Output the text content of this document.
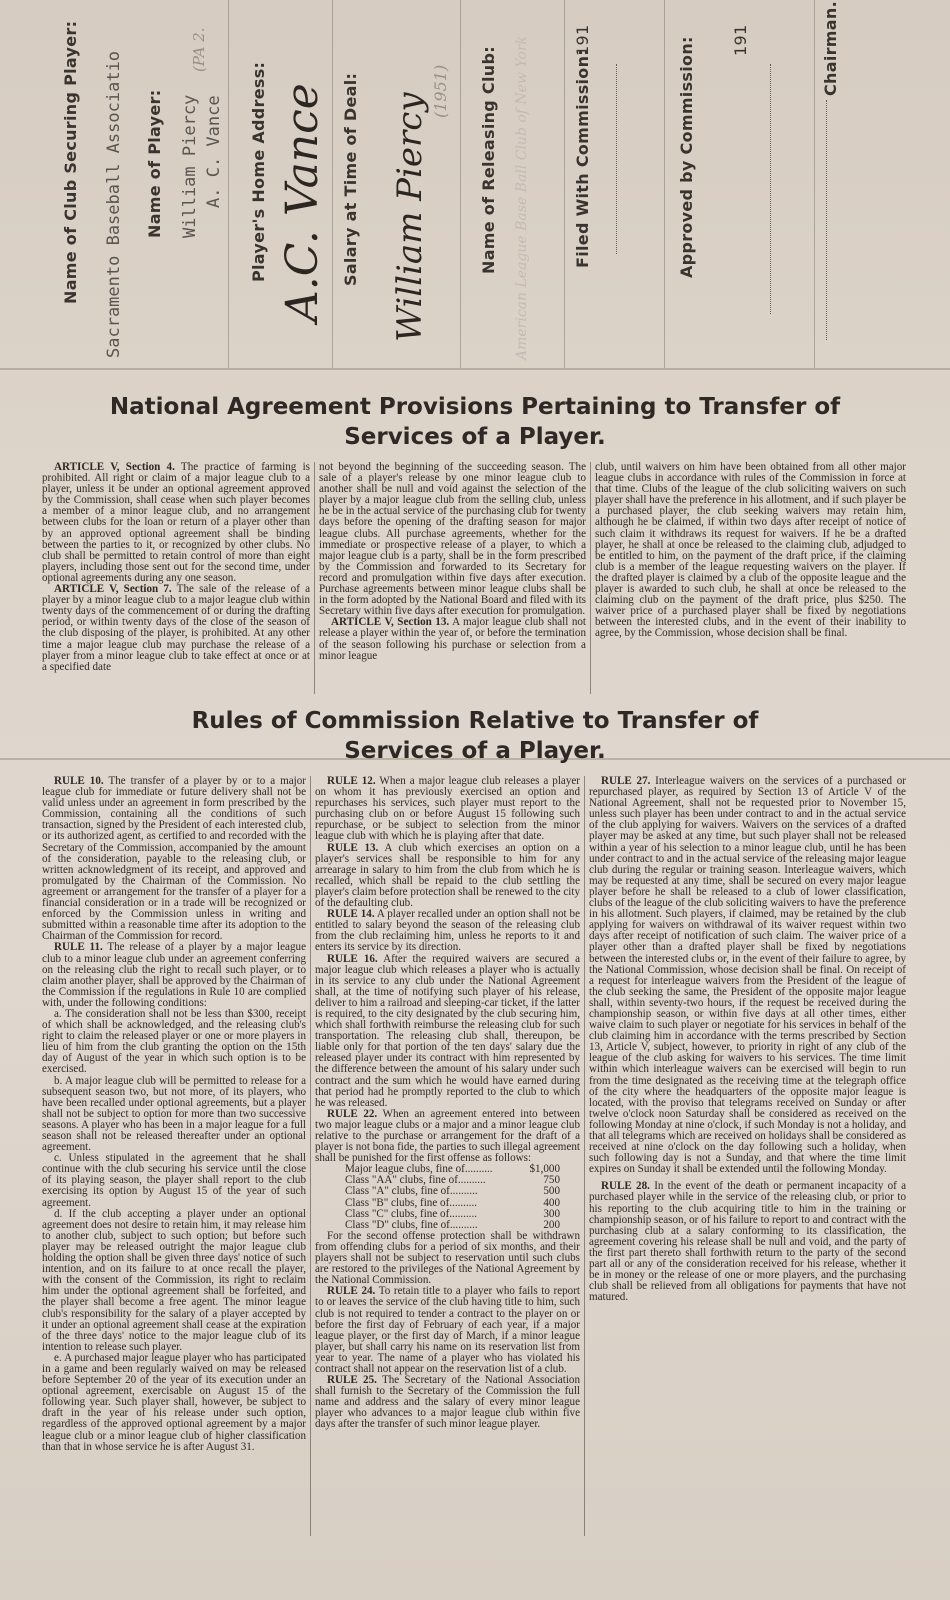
Name of Club Securing Player: Sacramento Baseball Associatio Name of Player: William Piercy A. C. Vance
(PA 2.
Player's Home Address: A.C. Vance Salary at Time of Deal: William Piercy
(1951) Name of Releasing Club: American League Base Ball Club of New York	Filed With Commission:
191	Approved by Commission: 191	Chairman.
National Agreement Provisions Pertaining to Transfer of
Services of a Player.

ARTICLE V, Section 4. The practice of farming is prohibited. All right or claim of a major league club to a player, unless it be under an optional agreement approved by the Commission, shall cease when such player becomes a member of a minor league club, and no arrangement between clubs for the loan or return of a player other than by an approved optional agreement shall be binding between the parties to it, or recognized by other clubs. No club shall be permitted to retain control of more than eight players, including those sent out for the second time, under optional agreements during any one season.

ARTICLE V, Section 7. The sale of the release of a player by a minor league club to a major league club within twenty days of the commencement of or during the drafting period, or within twenty days of the close of the season of the club disposing of the player, is prohibited. At any other time a major league club may purchase the release of a player from a minor league club to take effect at once or at a specified date

not beyond the beginning of the succeeding season. The sale of a player's release by one minor league club to another shall be null and void against the selection of the player by a major league club from the selling club, unless he be in the actual service of the purchasing club for twenty days before the opening of the drafting season for major league clubs. All purchase agreements, whether for the immediate or prospective release of a player, to which a major league club is a party, shall be in the form prescribed by the Commission and forwarded to its Secretary for record and promulgation within five days after execution. Purchase agreements between minor league clubs shall be in the form adopted by the National Board and filed with its Secretary within five days after execution for promulgation.

ARTICLE V, Section 13. A major league club shall not release a player within the year of, or before the termination of the season following his purchase or selection from a minor league

club, until waivers on him have been obtained from all other major league clubs in accordance with rules of the Commission in force at that time. Clubs of the league of the club soliciting waivers on such player shall have the preference in his allotment, and if such player be a purchased player, the club seeking waivers may retain him, although he be claimed, if within two days after receipt of notice of such claim it withdraws its request for waivers. If he be a drafted player, he shall at once be released to the claiming club, adjudged to be entitled to him, on the payment of the draft price, if the claiming club is a member of the league requesting waivers on the player. If the drafted player is claimed by a club of the opposite league and the player is awarded to such club, he shall at once be released to the claiming club on the payment of the draft price, plus $250. The waiver price of a purchased player shall be fixed by negotiations between the interested clubs, and in the event of their inability to agree, by the Commission, whose decision shall be final.

Rules of Commission Relative to Transfer of
Services of a Player.

RULE 10. The transfer of a player by or to a major league club for immediate or future delivery shall not be valid unless under an agreement in form prescribed by the Commission, containing all the conditions of such transaction, signed by the President of each interested club, or its authorized agent, as certified to and recorded with the Secretary of the Commission, accompanied by the amount of the consideration, payable to the releasing club, or written acknowledgment of its receipt, and approved and promulgated by the Chairman of the Commission. No agreement or arrangement for the transfer of a player for a financial consideration or in a trade will be recognized or enforced by the Commission unless in writing and submitted within a reasonable time after its adoption to the Chairman of the Commission for record.

RULE 11. The release of a player by a major league club to a minor league club under an agreement conferring on the releasing club the right to recall such player, or to claim another player, shall be approved by the Chairman of the Commission if the regulations in Rule 10 are complied with, under the following conditions:

a. The consideration shall not be less than $300, receipt of which shall be acknowledged, and the releasing club's right to claim the released player or one or more players in lieu of him from the club granting the option on the 15th day of August of the year in which such option is to be exercised.

b. A major league club will be permitted to release for a subsequent season two, but not more, of its players, who have been recalled under optional agreements, but a player shall not be subject to option for more than two successive seasons. A player who has been in a major league for a full season shall not be released thereafter under an optional agreement.

c. Unless stipulated in the agreement that he shall continue with the club securing his service until the close of its playing season, the player shall report to the club exercising its option by August 15 of the year of such agreement.

d. If the club accepting a player under an optional agreement does not desire to retain him, it may release him to another club, subject to such option; but before such player may be released outright the major league club holding the option shall be given three days' notice of such intention, and on its failure to at once recall the player, with the consent of the Commission, its right to reclaim him under the optional agreement shall be forfeited, and the player shall become a free agent. The minor league club's responsibility for the salary of a player accepted by it under an optional agreement shall cease at the expiration of the three days' notice to the major league club of its intention to release such player.

e. A purchased major league player who has participated in a game and been regularly waived on may be released before September 20 of the year of its execution under an optional agreement, exercisable on August 15 of the following year. Such player shall, however, be subject to draft in the year of his release under such option, regardless of the approved optional agreement by a major league club or a minor league club of higher classification than that in whose service he is after August 31.

RULE 12. When a major league club releases a player on whom it has previously exercised an option and repurchases his services, such player must report to the purchasing club on or before August 15 following such repurchase, or be subject to selection from the minor league club with which he is playing after that date.

RULE 13. A club which exercises an option on a player's services shall be responsible to him for any arrearage in salary to him from the club from which he is recalled, which shall be repaid to the club settling the player's claim before protection shall be renewed to the city of the defaulting club.

RULE 14. A player recalled under an option shall not be entitled to salary beyond the season of the releasing club from the club reclaiming him, unless he reports to it and enters its service by its direction.

RULE 16. After the required waivers are secured a major league club which releases a player who is actually in its service to any club under the National Agreement shall, at the time of notifying such player of his release, deliver to him a railroad and sleeping-car ticket, if the latter is required, to the city designated by the club securing him, which shall forthwith reimburse the releasing club for such transportation. The releasing club shall, thereupon, be liable only for that portion of the ten days' salary due the released player under its contract with him represented by the difference between the amount of his salary under such contract and the sum which he would have earned during that period had he promptly reported to the club to which he was released.

RULE 22. When an agreement entered into between two major league clubs or a major and a minor league club relative to the purchase or arrangement for the draft of a player is not bona fide, the parties to such illegal agreement shall be punished for the first offense as follows:

Major league clubs, fine of..........	$1,000

Class "AA" clubs, fine of..........	750

Class "A" clubs, fine of..........	500

Class "B" clubs, fine of..........	400

Class "C" clubs, fine of..........	300

Class "D" clubs, fine of..........	200

For the second offense protection shall be withdrawn from offending clubs for a period of six months, and their players shall not be subject to reservation until such clubs are restored to the privileges of the National Agreement by the National Commission.

RULE 24. To retain title to a player who fails to report to or leaves the service of the club having title to him, such club is not required to tender a contract to the player on or before the first day of February of each year, if a major league player, or the first day of March, if a minor league player, but shall carry his name on its reservation list from year to year. The name of a player who has violated his contract shall not appear on the reservation list of a club.

RULE 25. The Secretary of the National Association shall furnish to the Secretary of the Commission the full name and address and the salary of every minor league player who advances to a major league club within five days after the transfer of such minor league player.

RULE 27. Interleague waivers on the services of a purchased or repurchased player, as required by Section 13 of Article V of the National Agreement, shall not be requested prior to November 15, unless such player has been under contract to and in the actual service of the club applying for waivers. Waivers on the services of a drafted player may be asked at any time, but such player shall not be released within a year of his selection to a minor league club, until he has been under contract to and in the actual service of the releasing major league club during the regular or training season. Interleague waivers, which may be requested at any time, shall be secured on every major league player before he shall be released to a club of lower classification, clubs of the league of the club soliciting waivers to have the preference in his allotment. Such players, if claimed, may be retained by the club applying for waivers on withdrawal of its waiver request within two days after receipt of notification of such claim. The waiver price of a player other than a drafted player shall be fixed by negotiations between the interested clubs or, in the event of their failure to agree, by the National Commission, whose decision shall be final. On receipt of a request for interleague waivers from the President of the league of the club seeking the same, the President of the opposite major league shall, within seventy-two hours, if the request be received during the championship season, or within five days at all other times, either waive claim to such player or negotiate for his services in behalf of the club claiming him in accordance with the terms prescribed by Section 13, Article V, subject, however, to priority in right of any club of the league of the club asking for waivers to his services. The time limit within which interleague waivers can be exercised will begin to run from the time designated as the receiving time at the telegraph office of the city where the headquarters of the opposite major league is located, with the proviso that telegrams received on Sunday or after twelve o'clock noon Saturday shall be considered as received on the following Monday at nine o'clock, if such Monday is not a holiday, and that all telegrams which are received on holidays shall be considered as received at nine o'clock on the day following such a holiday, when such following day is not a Sunday, and that where the time limit expires on Sunday it shall be extended until the following Monday.

RULE 28. In the event of the death or permanent incapacity of a purchased player while in the service of the releasing club, or prior to his reporting to the club acquiring title to him in the training or championship season, or of his failure to report to and contract with the purchasing club at a salary conforming to its classification, the agreement covering his release shall be null and void, and the party of the first part thereto shall forthwith return to the party of the second part all or any of the consideration received for his release, whether it be in money or the release of one or more players, and the purchasing club shall be relieved from all obligations for payments that have not matured.
